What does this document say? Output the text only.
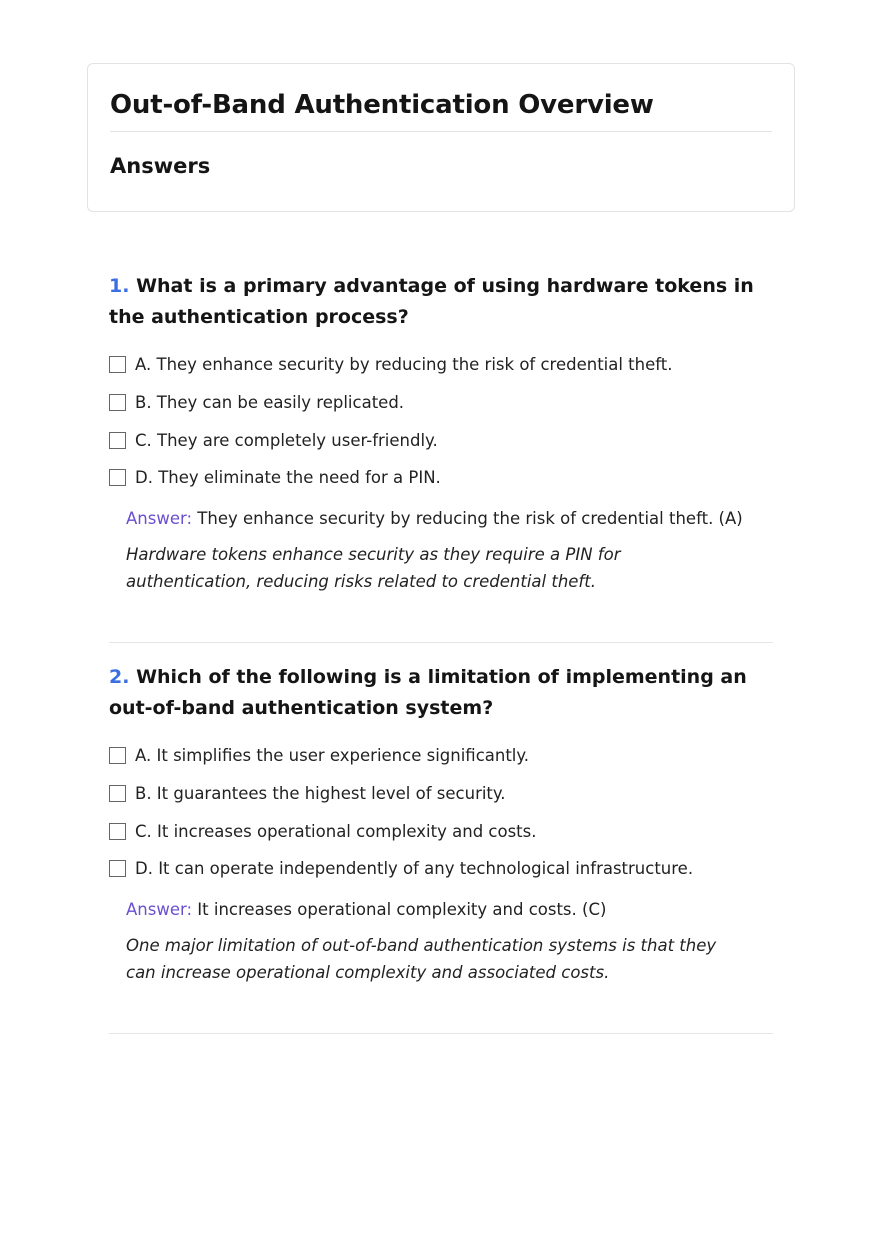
Out-of-Band Authentication Overview
Answers
1. What is a primary advantage of using hardware tokens in the authentication process?
A. They enhance security by reducing the risk of credential theft.
B. They can be easily replicated.
C. They are completely user-friendly.
D. They eliminate the need for a PIN.
Answer: They enhance security by reducing the risk of credential theft. (A)
Hardware tokens enhance security as they require a PIN for authentication, reducing risks related to credential theft.
2. Which of the following is a limitation of implementing an out-of-band authentication system?
A. It simplifies the user experience significantly.
B. It guarantees the highest level of security.
C. It increases operational complexity and costs.
D. It can operate independently of any technological infrastructure.
Answer: It increases operational complexity and costs. (C)
One major limitation of out-of-band authentication systems is that they can increase operational complexity and associated costs.
